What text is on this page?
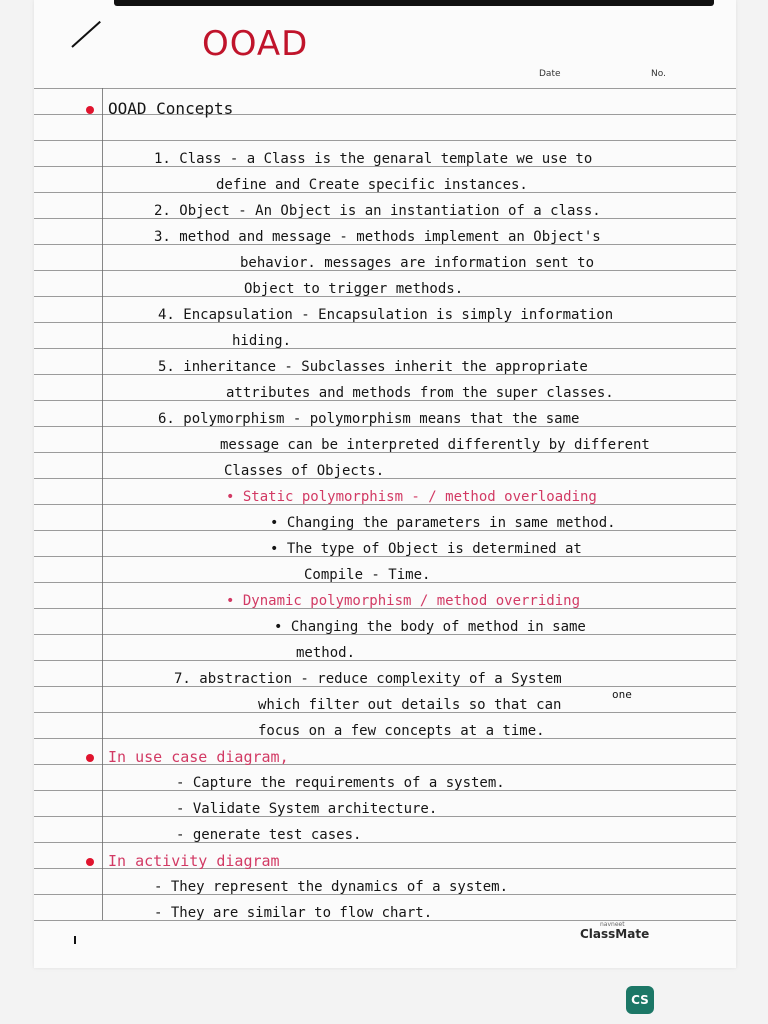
OOAD
Date	No.
OOAD Concepts
1. Class - a Class is the genaral template we use to
define and Create specific instances.
2. Object - An Object is an instantiation of a class.
3. method and message - methods implement an Object's
behavior. messages are information sent to
Object to trigger methods.
4. Encapsulation - Encapsulation is simply information
hiding.
5. inheritance - Subclasses inherit the appropriate
attributes and methods from the super classes.
6. polymorphism - polymorphism means that the same
message can be interpreted differently by different
Classes of Objects.
• Static polymorphism - / method overloading
• Changing the parameters in same method.
• The type of Object is determined at
Compile - Time.
• Dynamic polymorphism / method overriding
• Changing the body of method in same
method.
7. abstraction - reduce complexity of a System
one
which filter out details so that can
focus on a few concepts at a time.
In use case diagram,
- Capture the requirements of a system.
- Validate System architecture.
- generate test cases.
In activity diagram
- They represent the dynamics of a system.
- They are similar to flow chart.
navneet
ClassMate
CS
